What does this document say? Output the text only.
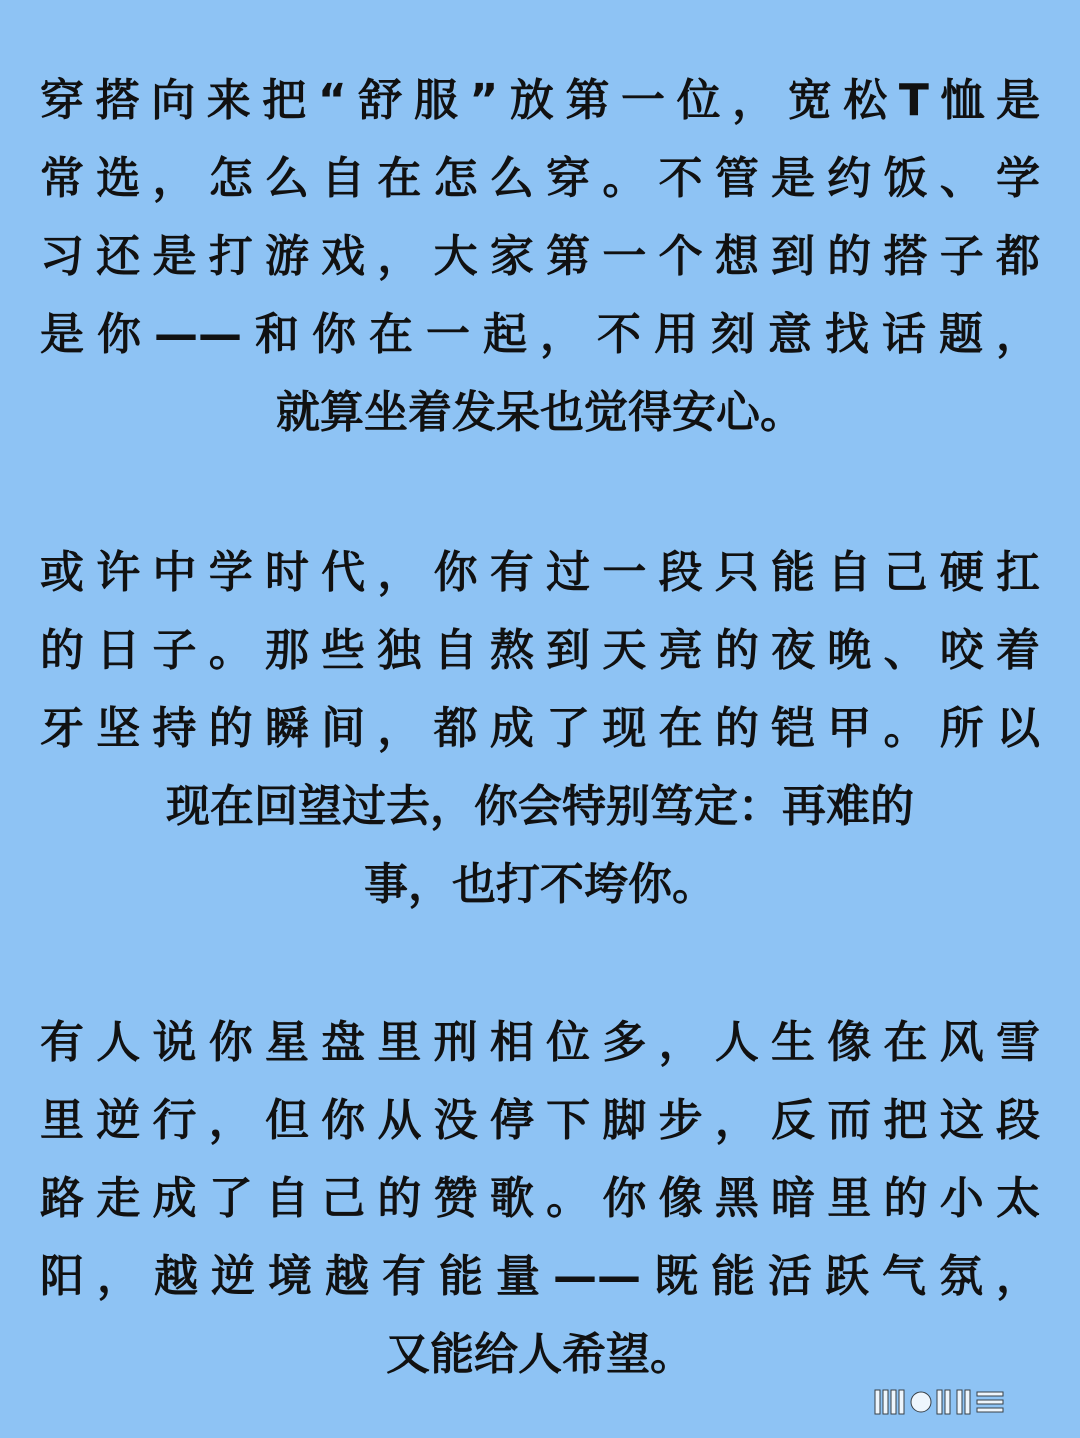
穿搭向来把“舒服”放第一位，宽松T恤是
常选，怎么自在怎么穿。不管是约饭、学
习还是打游戏，大家第一个想到的搭子都
是你——和你在一起，不用刻意找话题，
就算坐着发呆也觉得安心。
或许中学时代，你有过一段只能自己硬扛
的日子。那些独自熬到天亮的夜晚、咬着
牙坚持的瞬间，都成了现在的铠甲。所以
现在回望过去，你会特别笃定：再难的
事，也打不垮你。
有人说你星盘里刑相位多，人生像在风雪
里逆行，但你从没停下脚步，反而把这段
路走成了自己的赞歌。你像黑暗里的小太
阳，越逆境越有能量——既能活跃气氛，
又能给人希望。
